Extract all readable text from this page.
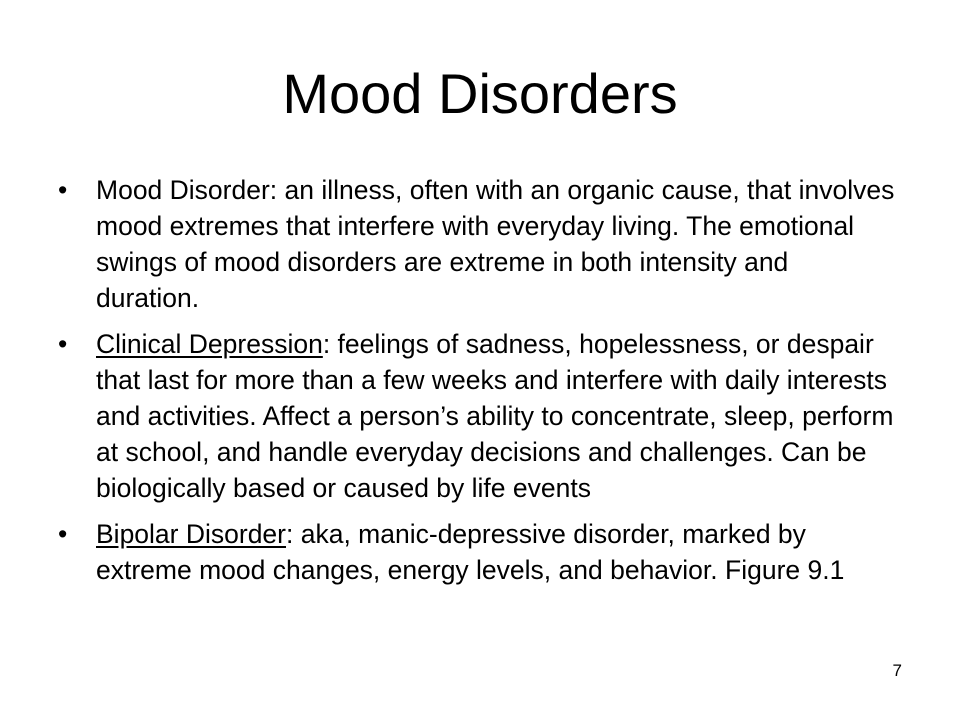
Mood Disorders
•	Mood Disorder: an illness, often with an organic cause, that involves mood extremes that interfere with everyday living. The emotional swings of mood disorders are extreme in both intensity and duration.
•	Clinical Depression: feelings of sadness, hopelessness, or despair that last for more than a few weeks and interfere with daily interests and activities. Affect a person’s ability to concentrate, sleep, perform at school, and handle everyday decisions and challenges. Can be biologically based or caused by life events
•	Bipolar Disorder: aka, manic-depressive disorder, marked by extreme mood changes, energy levels, and behavior. Figure 9.1
7
